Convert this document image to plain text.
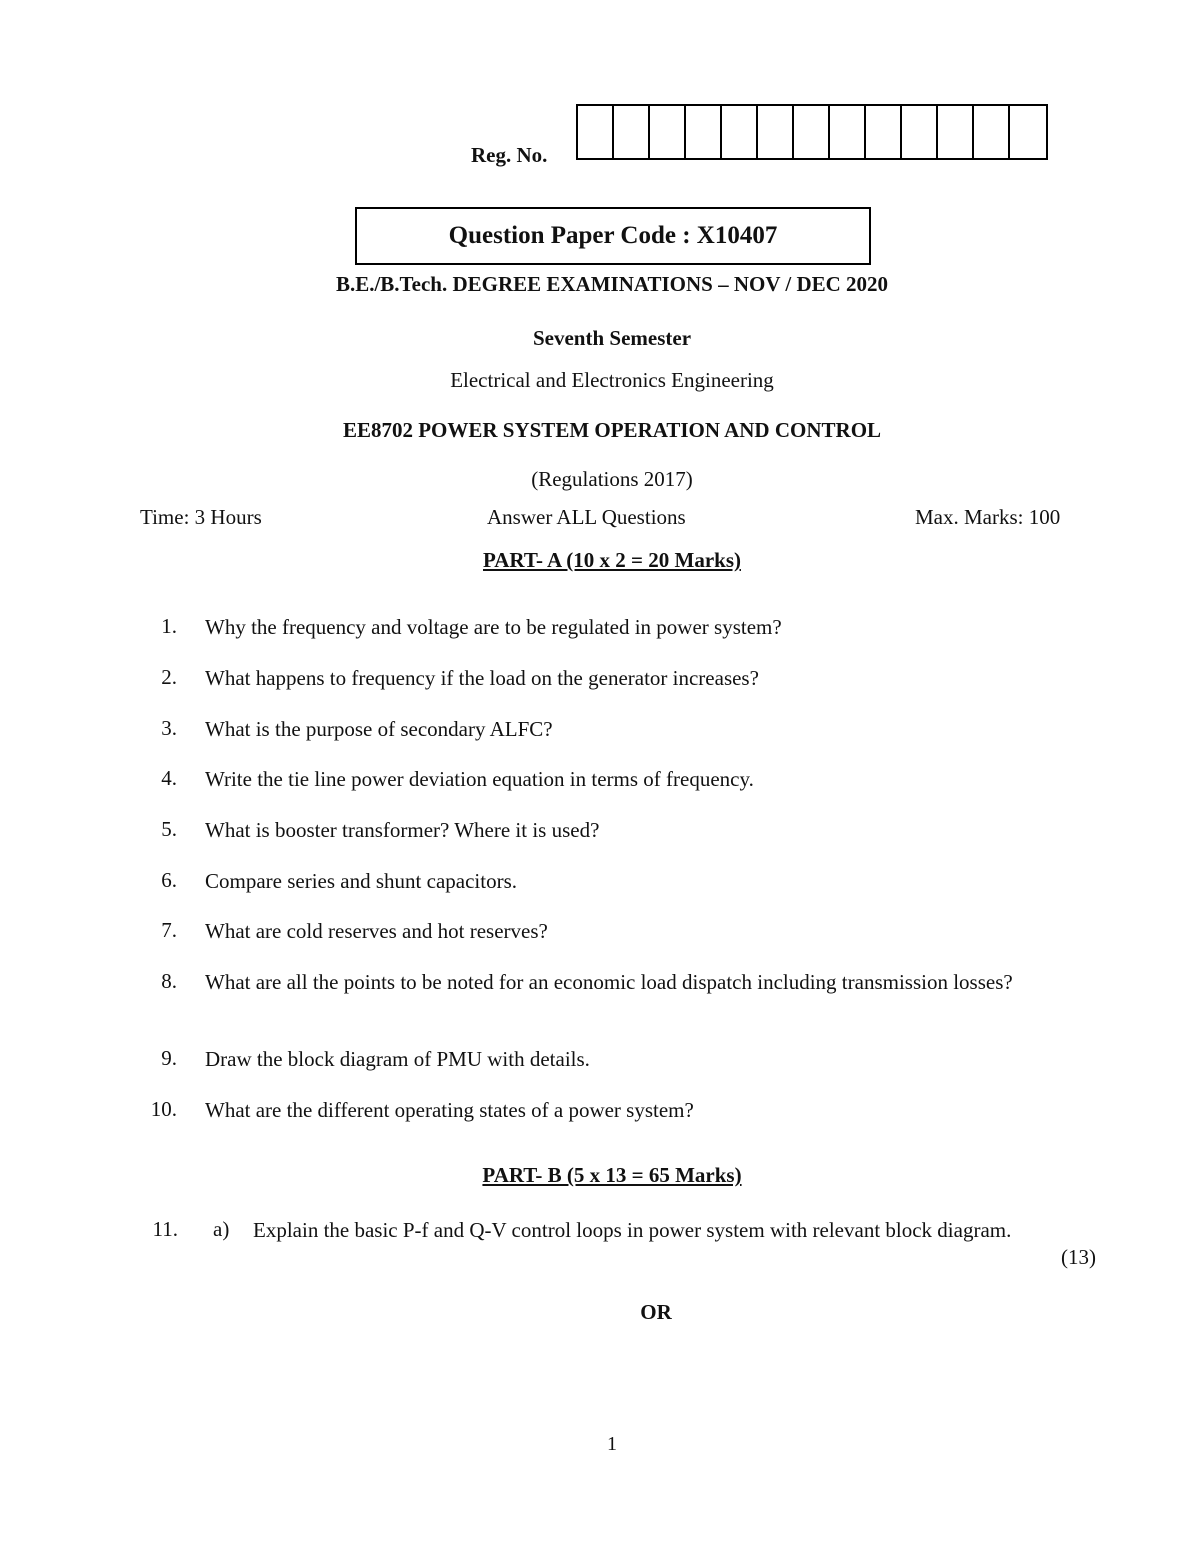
Reg. No.
Question Paper Code : X10407
B.E./B.Tech. DEGREE EXAMINATIONS – NOV / DEC 2020
Seventh Semester
Electrical and Electronics Engineering
EE8702 POWER SYSTEM OPERATION AND CONTROL
(Regulations 2017)
Time: 3 Hours	Answer ALL Questions	Max. Marks: 100
PART- A (10 x 2 = 20 Marks)
1. Why the frequency and voltage are to be regulated in power system?
2. What happens to frequency if the load on the generator increases?
3. What is the purpose of secondary ALFC?
4. Write the tie line power deviation equation in terms of frequency.
5. What is booster transformer? Where it is used?
6. Compare series and shunt capacitors.
7. What are cold reserves and hot reserves?
8. What are all the points to be noted for an economic load dispatch including transmission losses?
9. Draw the block diagram of PMU with details.
10. What are the different operating states of a power system?
PART- B (5 x 13 = 65 Marks)
11. a) Explain the basic P-f and Q-V control loops in power system with relevant block diagram.
(13)
OR
1
